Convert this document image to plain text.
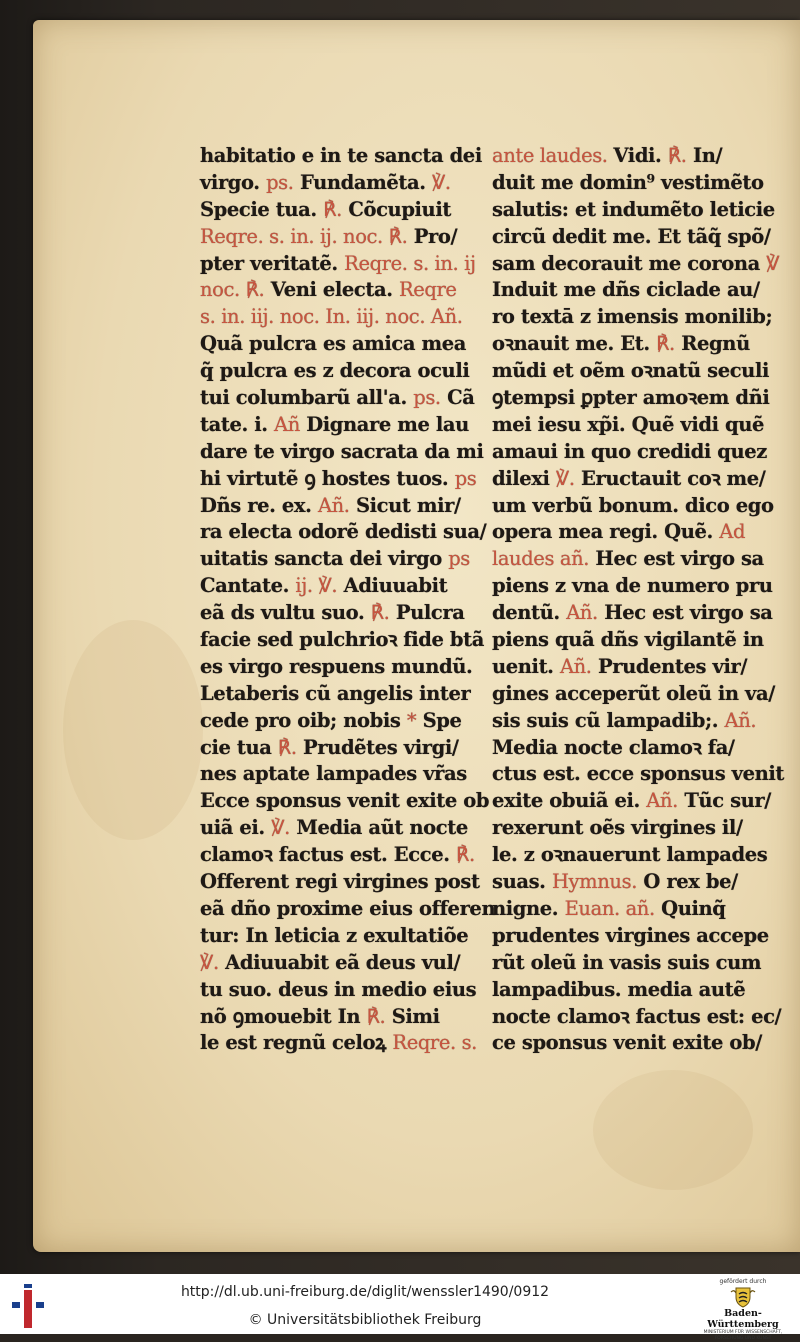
habitatio e in te sancta dei
virgo. ps. Fundamẽta. ℣.
Specie tua. ℟. Cõcupiuit
Reqre. s. in. ij. noc. ℟. Pro/
pter veritatẽ. Reqre. s. in. ij
noc. ℟. Veni electa. Reqre
s. in. iij. noc. In. iij. noc. Añ.
Quã pulcra es amica mea
q̃ pulcra es z decora oculi
tui columbarũ all'a. ps. Cã
tate. i. Añ Dignare me lau
dare te virgo sacrata da mi
hi virtutẽ ꝯ hostes tuos. ps
Dñs re. ex. Añ. Sicut mir/
ra electa odorẽ dedisti sua/
uitatis sancta dei virgo ps
Cantate. ij. ℣. Adiuuabit
eã ds vultu suo. ℟. Pulcra
facie sed pulchrioꝛ fide btã
es virgo respuens mundũ.
Letaberis cũ angelis inter
cede pro oib; nobis * Spe
cie tua ℟. Prudẽtes virgi/
nes aptate lampades vr̃as
Ecce sponsus venit exite ob
uiã ei. ℣. Media aũt nocte
clamoꝛ factus est. Ecce. ℟.
Offerent regi virgines post
eã dño proxime eius offeren
tur: In leticia z exultatiõe
℣. Adiuuabit eã deus vul/
tu suo. deus in medio eius
nõ ꝯmouebit In ℟. Simi
le est regnũ celoꝝ Reqre. s.
ante laudes. Vidi. ℟. In/
duit me domin⁹ vestimẽto
salutis: et indumẽto leticie
circũ dedit me. Et tãq̃ spõ/
sam decorauit me corona ℣
Induit me dñs ciclade au/
ro textā z imensis monilib;
oꝛnauit me. Et. ℟. Regnũ
mũdi et oẽm oꝛnatũ seculi
ꝯtempsi ꝑpter amoꝛem dñi
mei iesu xp̃i. Quẽ vidi quẽ
amaui in quo credidi quez
dilexi ℣. Eructauit coꝛ me/
um verbũ bonum. dico ego
opera mea regi. Quẽ. Ad
laudes añ. Hec est virgo sa
piens z vna de numero pru
dentũ. Añ. Hec est virgo sa
piens quã dñs vigilantẽ in
uenit. Añ. Prudentes vir/
gines acceperũt oleũ in va/
sis suis cũ lampadib;. Añ.
Media nocte clamoꝛ fa/
ctus est. ecce sponsus venit
exite obuiã ei. Añ. Tũc sur/
rexerunt oẽs virgines il/
le. z oꝛnauerunt lampades
suas. Hymnus. O rex be/
nigne. Euan. añ. Quinq̃
prudentes virgines accepe
rũt oleũ in vasis suis cum
lampadibus. media autẽ
nocte clamoꝛ factus est: ec/
ce sponsus venit exite ob/
http://dl.ub.uni-freiburg.de/diglit/wenssler1490/0912
© Universitätsbibliothek Freiburg
gefördert durch
Baden-Württemberg
MINISTERIUM FÜR WISSENSCHAFT, FORSCHUNG UND KUNST
